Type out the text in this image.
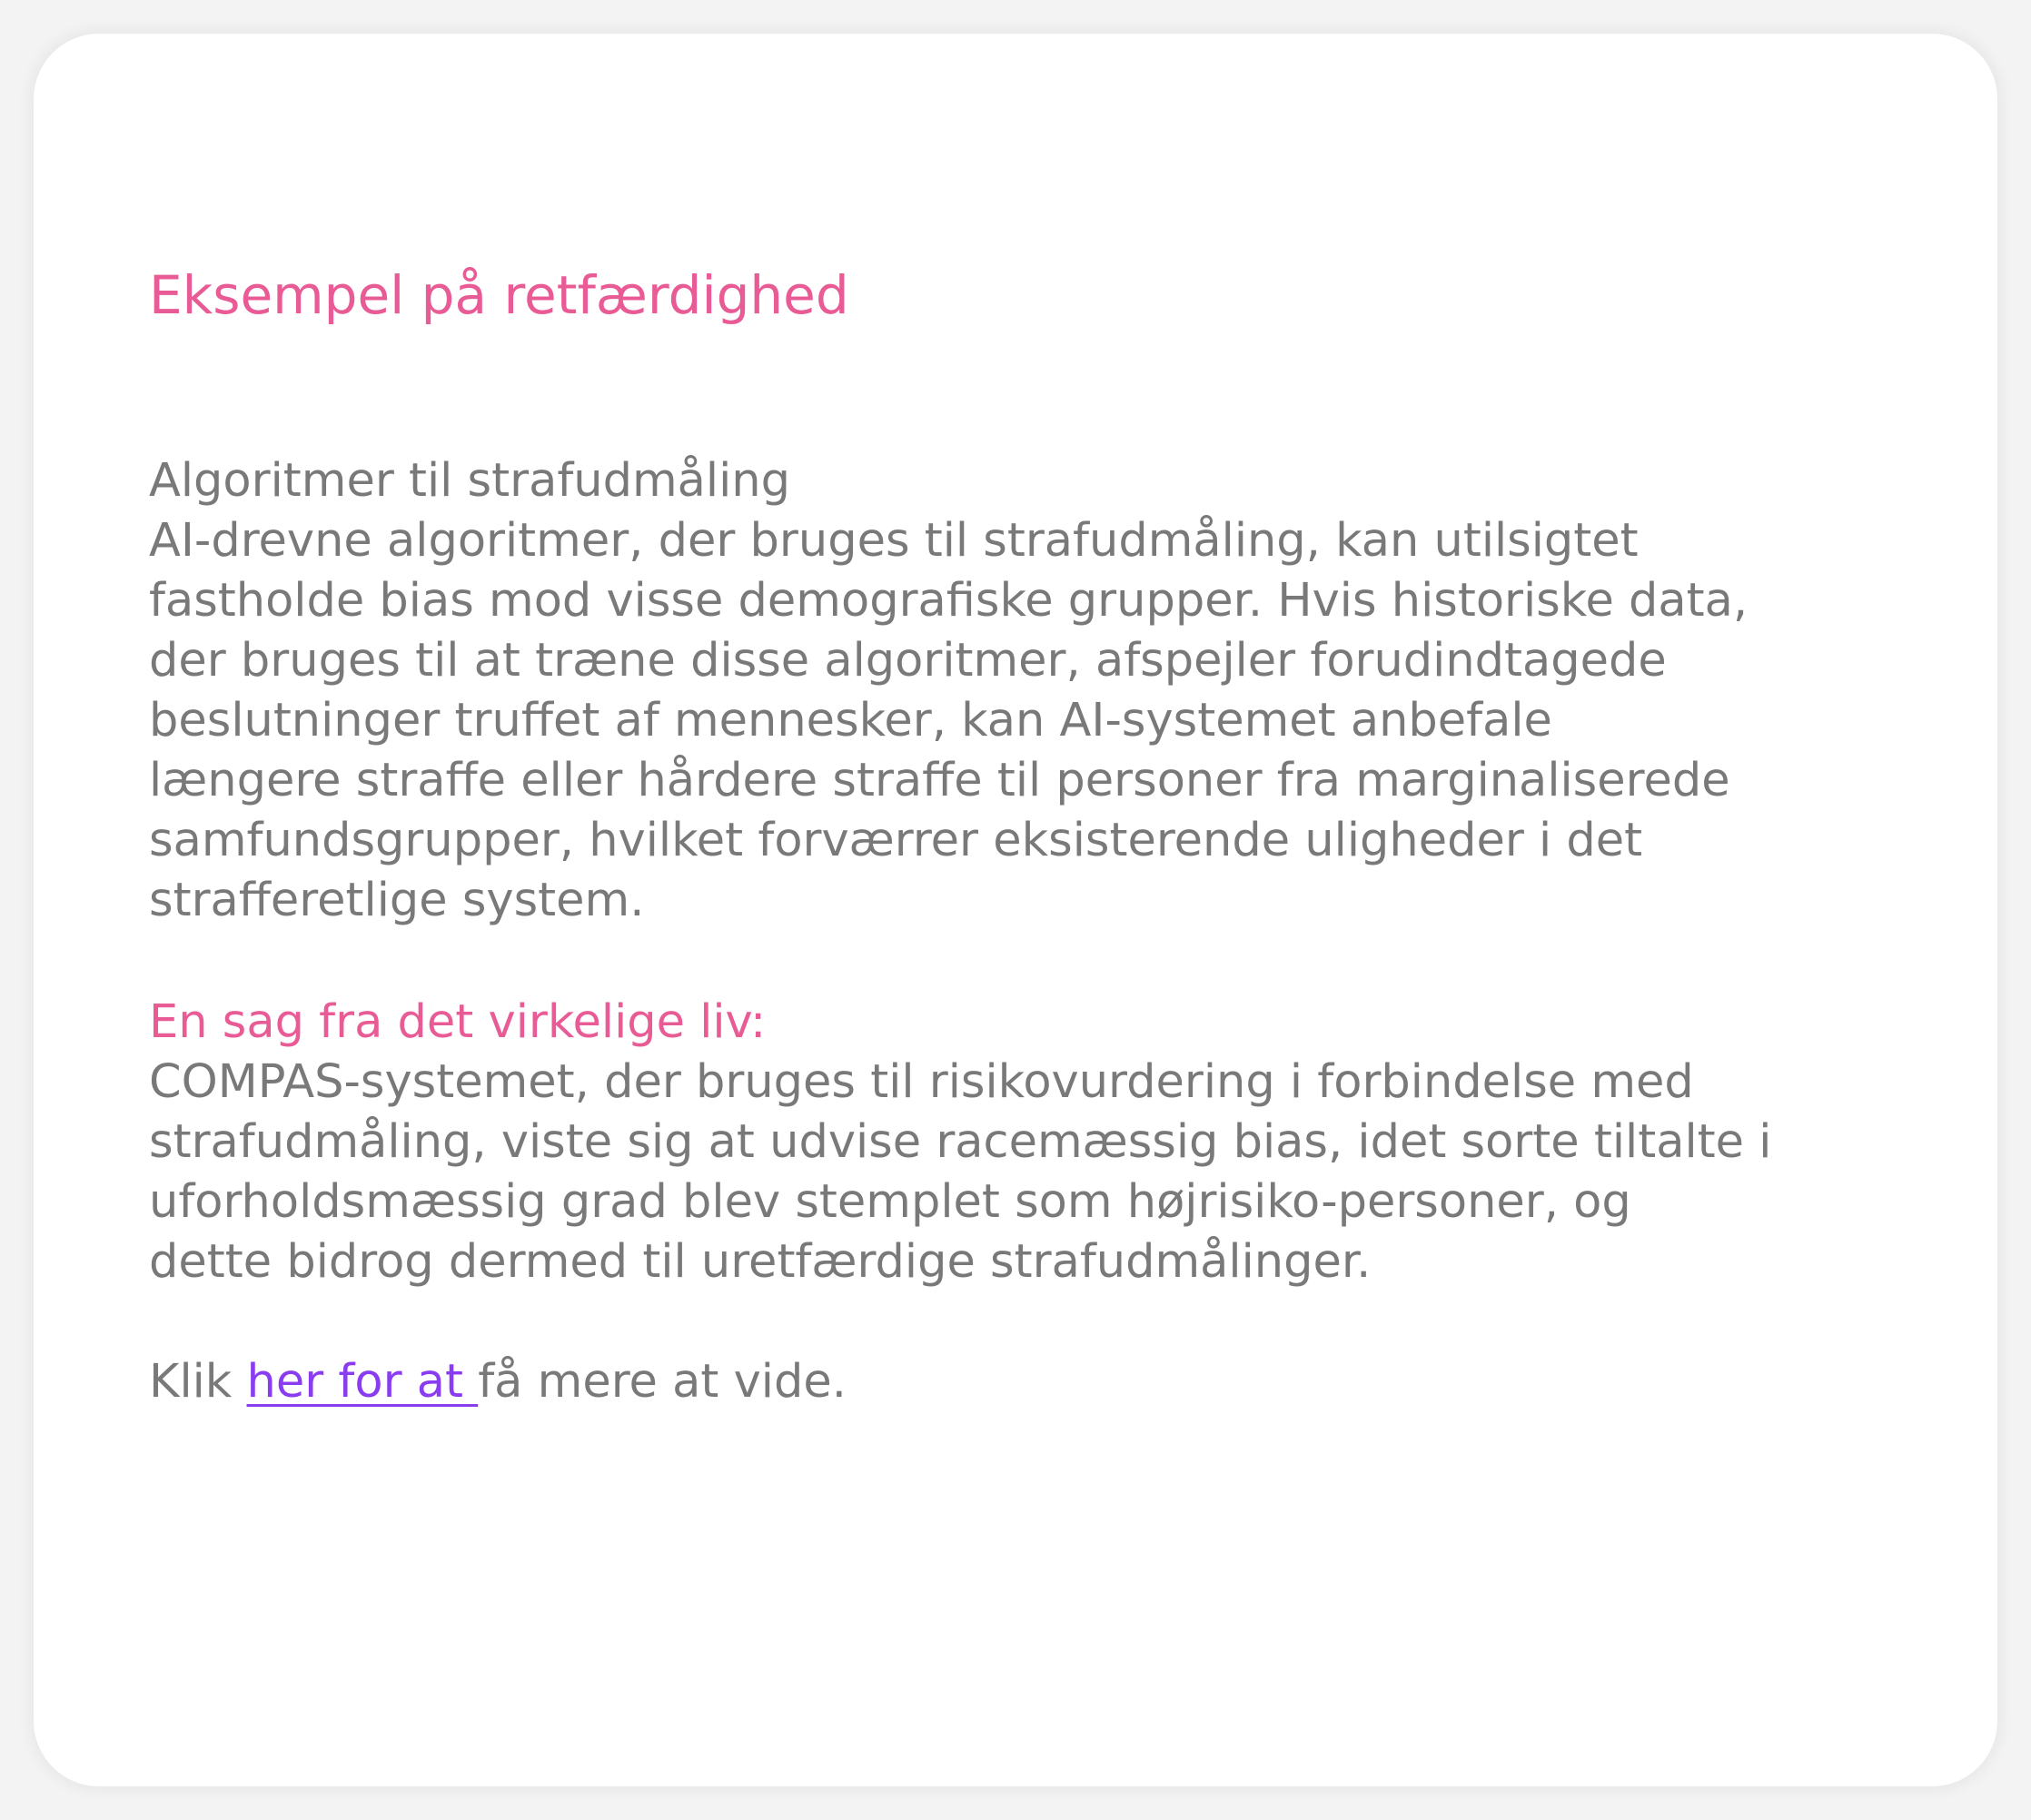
Eksempel på retfærdighed
Algoritmer til strafudmåling
AI-drevne algoritmer, der bruges til strafudmåling, kan utilsigtet
fastholde bias mod visse demografiske grupper. Hvis historiske data,
der bruges til at træne disse algoritmer, afspejler forudindtagede
beslutninger truffet af mennesker, kan AI-systemet anbefale
længere straffe eller hårdere straffe til personer fra marginaliserede
samfundsgrupper, hvilket forværrer eksisterende uligheder i det
strafferetlige system.
En sag fra det virkelige liv:
COMPAS-systemet, der bruges til risikovurdering i forbindelse med
strafudmåling, viste sig at udvise racemæssig bias, idet sorte tiltalte i
uforholdsmæssig grad blev stemplet som højrisiko-personer, og
dette bidrog dermed til uretfærdige strafudmålinger.
Klik her for at få mere at vide.
